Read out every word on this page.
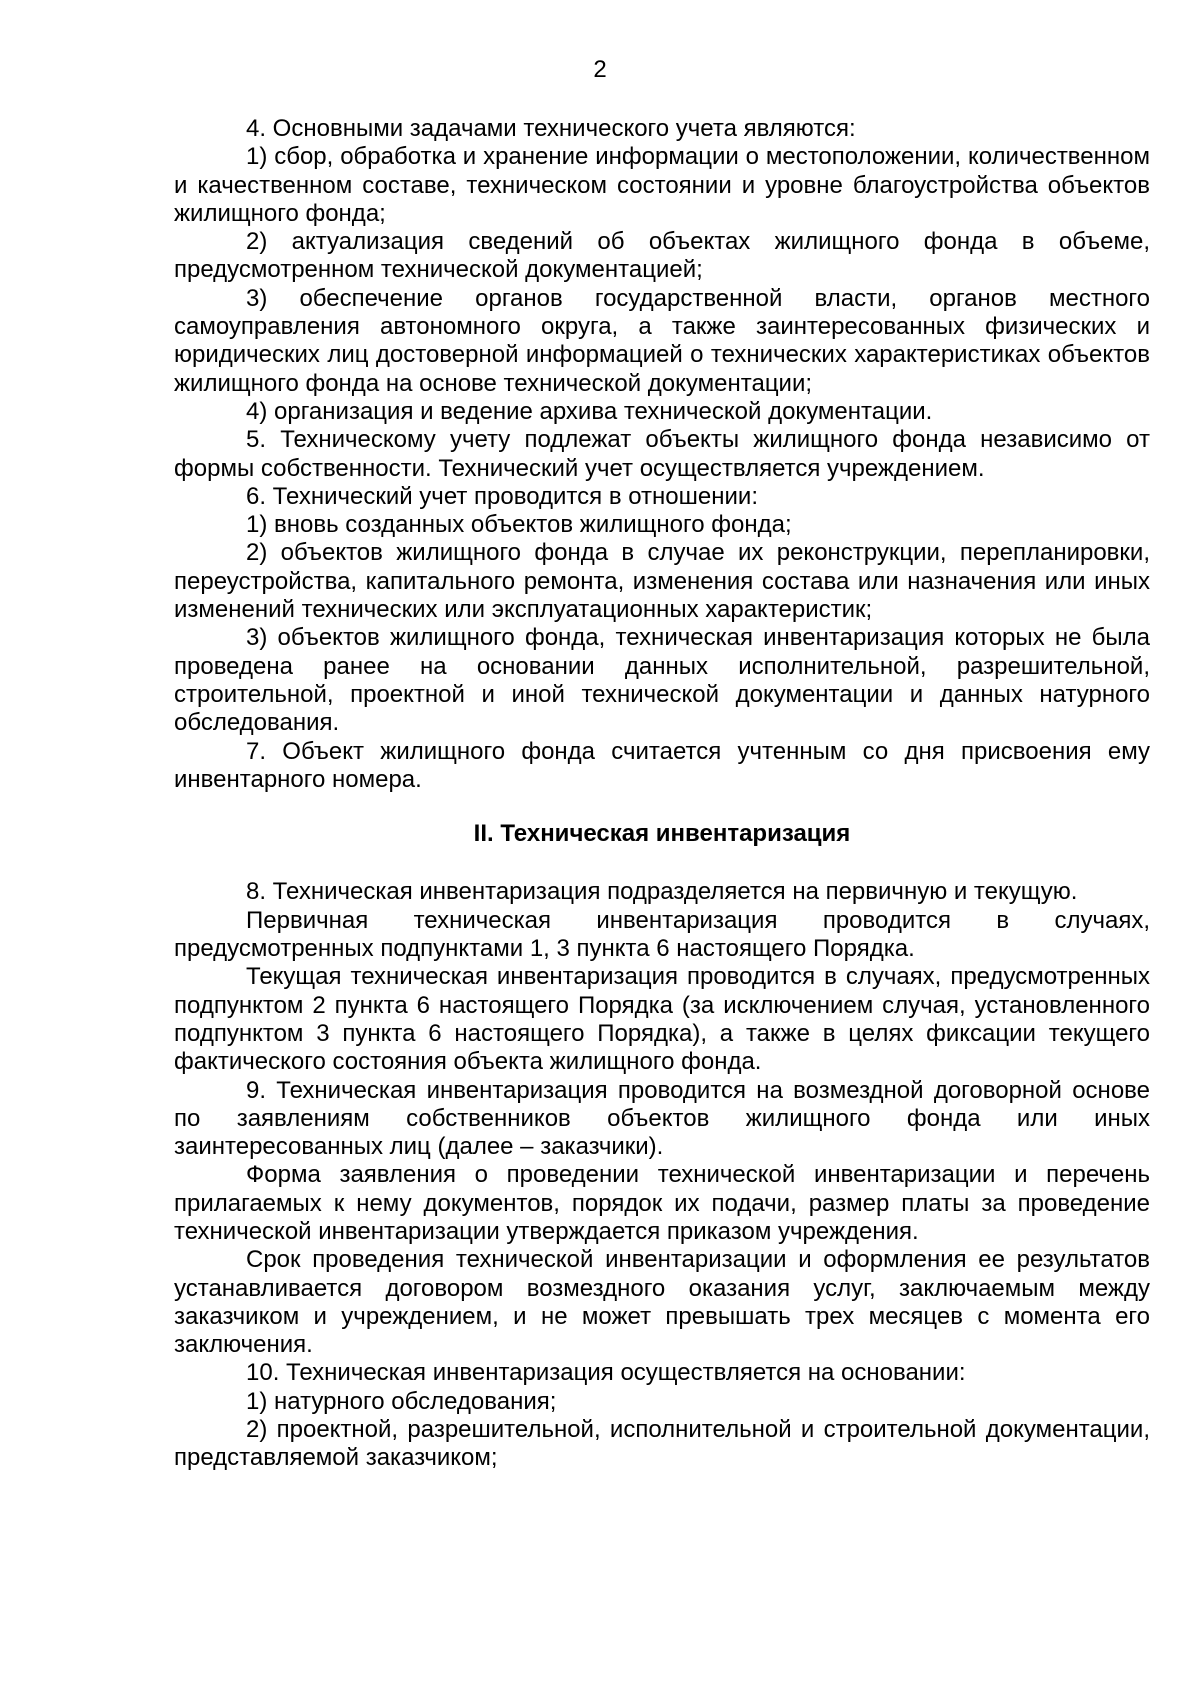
2

4. Основными задачами технического учета являются:

1) сбор, обработка и хранение информации о местоположении, количественном и качественном составе, техническом состоянии и уровне благоустройства объектов жилищного фонда;

2) актуализация сведений об объектах жилищного фонда в объеме, предусмотренном технической документацией;

3) обеспечение органов государственной власти, органов местного самоуправления автономного округа, а также заинтересованных физических и юридических лиц достоверной информацией о технических характеристиках объектов жилищного фонда на основе технической документации;

4) организация и ведение архива технической документации.

5. Техническому учету подлежат объекты жилищного фонда независимо от формы собственности. Технический учет осуществляется учреждением.

6. Технический учет проводится в отношении:

1) вновь созданных объектов жилищного фонда;

2) объектов жилищного фонда в случае их реконструкции, перепланировки, переустройства, капитального ремонта, изменения состава или назначения или иных изменений технических или эксплуатационных характеристик;

3) объектов жилищного фонда, техническая инвентаризация которых не была проведена ранее на основании данных исполнительной, разрешительной, строительной, проектной и иной технической документации и данных натурного обследования.

7. Объект жилищного фонда считается учтенным со дня присвоения ему инвентарного номера.

II. Техническая инвентаризация

8. Техническая инвентаризация подразделяется на первичную и текущую.

Первичная техническая инвентаризация проводится в случаях, предусмотренных подпунктами 1, 3 пункта 6 настоящего Порядка.

Текущая техническая инвентаризация проводится в случаях, предусмотренных подпунктом 2 пункта 6 настоящего Порядка (за исключением случая, установленного подпунктом 3 пункта 6 настоящего Порядка), а также в целях фиксации текущего фактического состояния объекта жилищного фонда.

9. Техническая инвентаризация проводится на возмездной договорной основе по заявлениям собственников объектов жилищного фонда или иных заинтересованных лиц (далее – заказчики).

Форма заявления о проведении технической инвентаризации и перечень прилагаемых к нему документов, порядок их подачи, размер платы за проведение технической инвентаризации утверждается приказом учреждения.

Срок проведения технической инвентаризации и оформления ее результатов устанавливается договором возмездного оказания услуг, заключаемым между заказчиком и учреждением, и не может превышать трех месяцев с момента его заключения.

10. Техническая инвентаризация осуществляется на основании:

1) натурного обследования;

2) проектной, разрешительной, исполнительной и строительной документации, представляемой заказчиком;
